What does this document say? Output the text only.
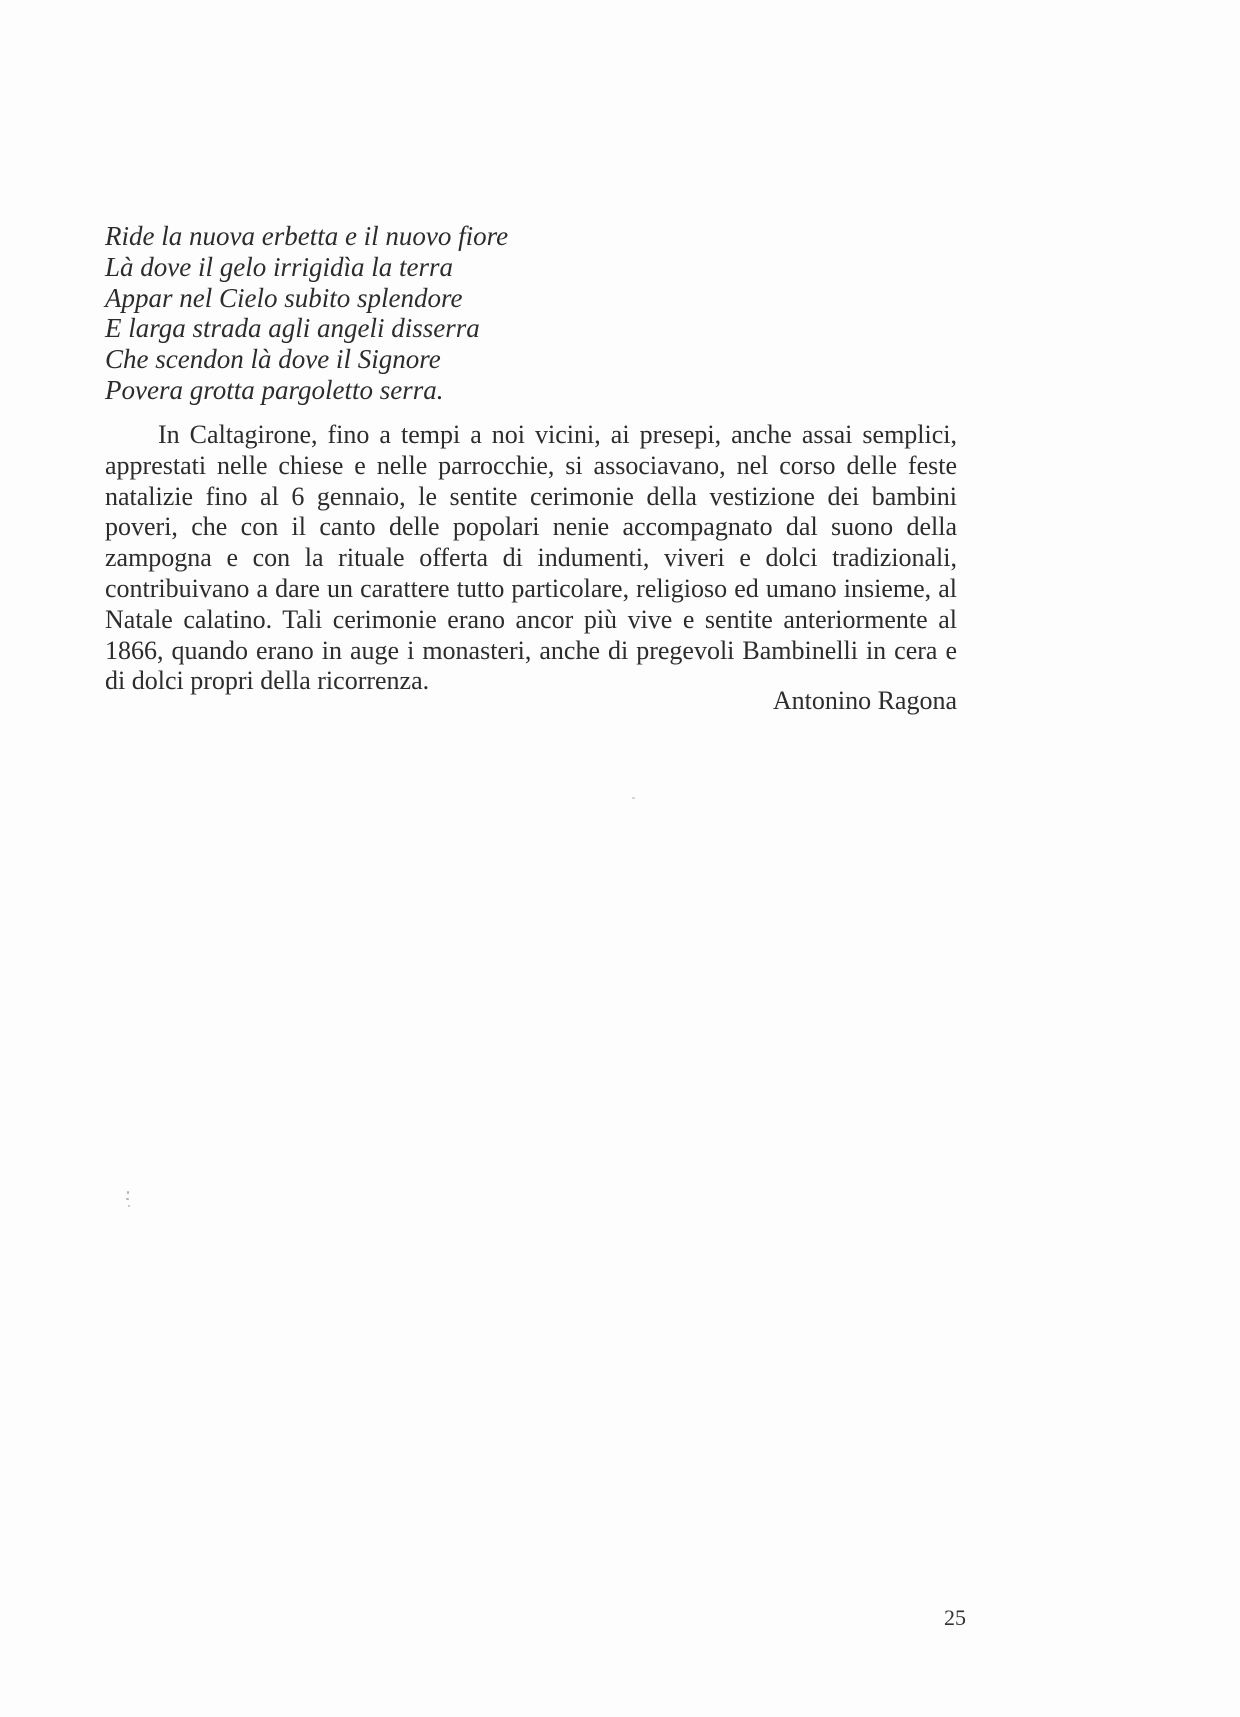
Ride la nuova erbetta e il nuovo fiore
Là dove il gelo irrigidìa la terra
Appar nel Cielo subito splendore
E larga strada agli angeli disserra
Che scendon là dove il Signore
Povera grotta pargoletto serra.

In Caltagirone, fino a tempi a noi vicini, ai presepi, anche assai semplici, apprestati nelle chiese e nelle parrocchie, si associavano, nel corso delle feste natalizie fino al 6 gennaio, le sentite cerimonie della vestizione dei bambini poveri, che con il canto delle popolari nenie accompagnato dal suono della zampogna e con la rituale offerta di indumenti, viveri e dolci tradizionali, contribuivano a dare un carattere tutto particolare, religioso ed umano insieme, al Natale calatino. Tali cerimonie erano ancor più vive e sentite anteriormente al 1866, quando erano in auge i monasteri, anche di pregevoli Bambinelli in cera e di dolci propri della ricorrenza.

Antonino Ragona
25
